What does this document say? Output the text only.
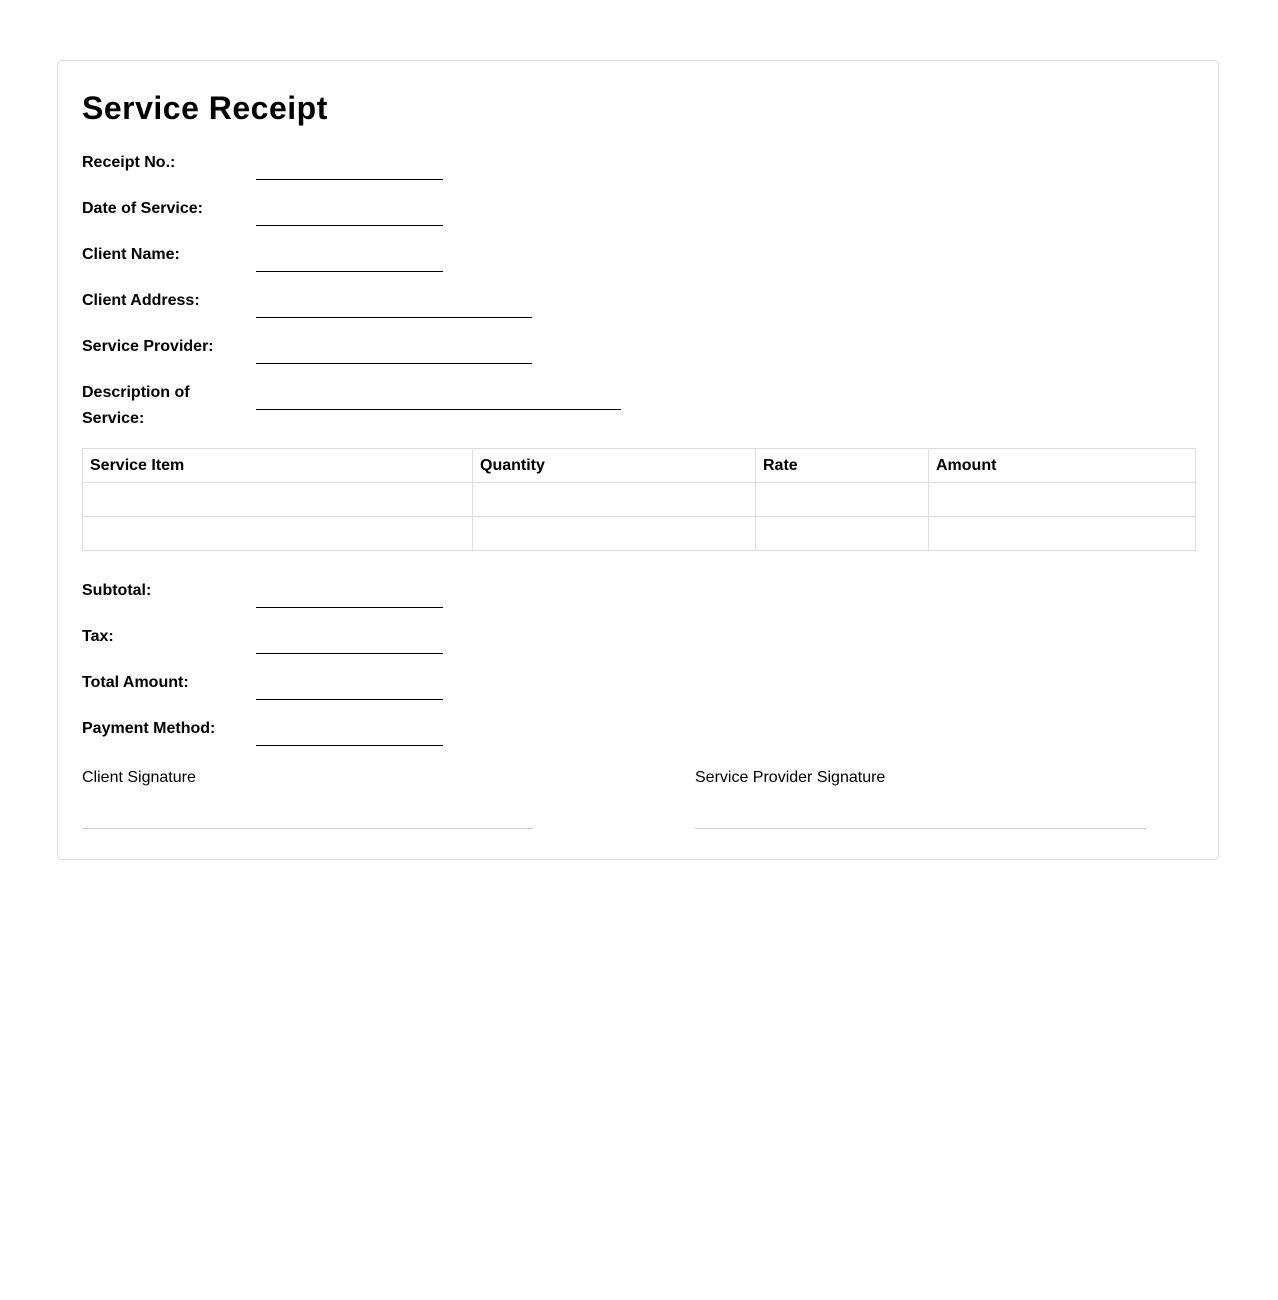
Service Receipt
Receipt No.:
Date of Service:
Client Name:
Client Address:
Service Provider:
Description of Service:
Service Item	Quantity	Rate	Amount

Subtotal:
Tax:
Total Amount:
Payment Method:
Client Signature	Service Provider Signature
